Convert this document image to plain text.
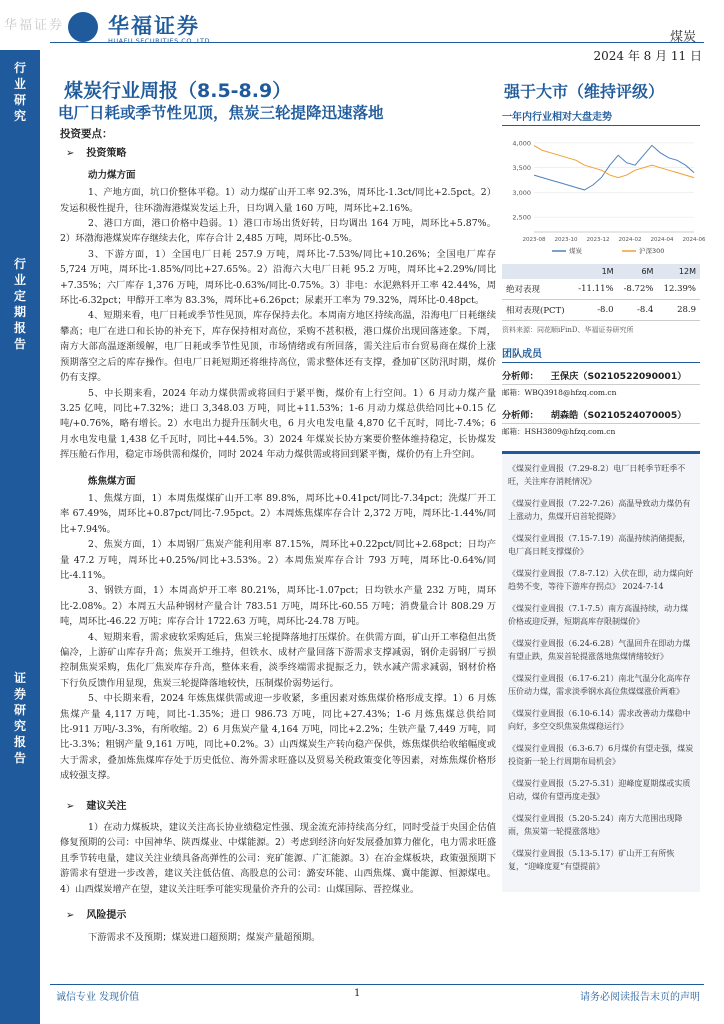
华福证券 华福证券
HUAFU SECURITIES CO.,LTD.	煤炭
2024 年 8 月 11 日
行业研究
行业定期报告
证券研究报告
煤炭行业周报（8.5-8.9）
电厂日耗或季节性见顶，焦炭三轮提降迅速落地
强于大市（维持评级）
投资要点：
➢ 投资策略
动力煤方面
1、产地方面，坑口价整体平稳。1）动力煤矿山开工率 92.3%，周环比-1.3ct/同比+2.5pct。2）发运积极性提升，往环渤海港煤炭发运上升，日均调入量 160 万吨，周环比+2.16%。
2、港口方面，港口价格中趋弱。1）港口市场出货好转，日均调出 164 万吨，周环比+5.87%。2）环渤海港煤炭库存继续去化，库存合计 2,485 万吨，周环比-0.5%。
3、下游方面，1）全国电厂日耗 257.9 万吨，周环比-7.53%/同比+10.26%；全国电厂库存 5,724 万吨，周环比-1.85%/同比+27.65%。2）沿海六大电厂日耗 95.2 万吨，周环比+2.29%/同比+7.35%；六厂库存 1,376 万吨，周环比-0.63%/同比-0.75%。3）非电：水泥熟料开工率 42.44%，周环比-6.32pct；甲醇开工率为 83.3%，周环比+6.26pct；尿素开工率为 79.32%，周环比-0.48pct。
4、短期来看，电厂日耗或季节性见顶，库存保持去化。本周南方地区持续高温，沿海电厂日耗继续攀高；电厂在进口和长协的补充下，库存保持相对高位，采购不甚积极，港口煤价出现回落迹象。下周，南方大部高温逐渐缓解，电厂日耗或季节性见顶，市场情绪或有所回落，需关注后市台贸易商在煤价上涨预期落空之后的库存操作。但电厂日耗短期还将维持高位，需求整体还有支撑，叠加矿区防汛时期，煤价仍有支撑。
5、中长期来看，2024 年动力煤供需或将回归于紧平衡，煤价有上行空间。1）6 月动力煤产量 3.25 亿吨，同比+7.32%；进口 3,348.03 万吨，同比+11.53%；1-6 月动力煤总供给同比+0.15 亿吨/+0.76%，略有增长。2）水电出力提升压制火电，6 月火电发电量 4,870 亿千瓦时，同比-7.4%；6 月水电发电量 1,438 亿千瓦时，同比+44.5%。3）2024 年煤炭长协方案要价整体维持稳定，长协煤发挥压舱石作用，稳定市场供需和煤价，同时 2024 年动力煤供需或将回到紧平衡，煤价仍有上升空间。
炼焦煤方面
1、焦煤方面，1）本周焦煤煤矿山开工率 89.8%，周环比+0.41pct/同比-7.34pct；洗煤厂开工率 67.49%，周环比+0.87pct/同比-7.95pct。2）本周炼焦煤库存合计 2,372 万吨，周环比-1.44%/同比+7.94%。
2、焦炭方面，1）本周钢厂焦炭产能利用率 87.15%，周环比+0.22pct/同比+2.68pct；日均产量 47.2 万吨，周环比+0.25%/同比+3.53%。2）本周焦炭库存合计 793 万吨，周环比-0.64%/同比-4.11%。
3、钢铁方面，1）本周高炉开工率 80.21%，周环比-1.07pct；日均铁水产量 232 万吨，周环比-2.08%。2）本周五大品种钢材产量合计 783.51 万吨，周环比-60.55 万吨；消费量合计 808.29 万吨，周环比-46.22 万吨；库存合计 1722.63 万吨，周环比-24.78 万吨。
4、短期来看，需求疲软采购延后，焦炭三轮提降落地打压煤价。在供需方面，矿山开工率稳但出货偏冷，上游矿山库存升高；焦炭开工维持，但铁水、成材产量回落下游需求支撑减弱，钢价走弱钢厂亏损控制焦炭采购，焦化厂焦炭库存升高，整体来看，淡季终端需求提振乏力，铁水减产需求减弱，钢材价格下行负反馈作用显现，焦炭三轮提降落地较快，压制煤价弱势运行。
5、中长期来看，2024 年炼焦煤供需或迎一步收紧，多重因素对炼焦煤价格形成支撑。1）6 月炼焦煤产量 4,117 万吨，同比-1.35%；进口 986.73 万吨，同比+27.43%；1-6 月炼焦煤总供给同比-911 万吨/-3.3%，有所收缩。2）6 月焦炭产量 4,164 万吨，同比+2.2%；生铁产量 7,449 万吨，同比-3.3%；粗钢产量 9,161 万吨，同比+0.2%。3）山西煤炭生产转向稳产保供，炼焦煤供给收缩幅度或大于需求，叠加炼焦煤库存处于历史低位、海外需求旺盛以及贸易关税政策变化等因素，对炼焦煤价格形成较强支撑。
➢ 建议关注
1）在动力煤板块，建议关注高长协业绩稳定性强、现金流充沛持续高分红，同时受益于央国企估值修复预期的公司：中国神华、陕西煤业、中煤能源。2）考虑到经济向好发展叠加算力催化，电力需求旺盛且季节转电量，建议关注业绩具备高弹性的公司：兖矿能源、广汇能源。3）在冶金煤板块，政策强预期下游需求有望进一步改善，建议关注低估值、高股息的公司：潞安环能、山西焦煤、冀中能源、恒源煤电。4）山西煤炭增产在望，建议关注旺季可能实现量价齐升的公司：山煤国际、晋控煤业。
➢ 风险提示
下游需求不及预期；煤炭进口超预期；煤炭产量超预期。
一年内行业相对大盘走势
2,500
3,000
3,500
4,000
2023-08 2023-10 2023-12 2024-02 2024-04 2024-06
煤炭	沪深300
	1M	6M	12M
绝对表现	-11.11%	-8.72%	12.39%
相对表现(PCT)	-8.0	-8.4	28.9
资料来源：同花顺iFinD、华福证券研究所
团队成员
分析师： 王保庆（S0210522090001）
邮箱：WBQ3918@hfzq.com.cn
分析师： 胡森皓（S0210524070005）
邮箱：HSH3809@hfzq.com.cn
《煤炭行业周报（7.29-8.2）电厂日耗季节旺季不旺，关注库存消耗情况》
《煤炭行业周报（7.22-7.26）高温导致动力煤仍有上涨动力，焦煤开启首轮提降》
《煤炭行业周报（7.15-7.19）高温持续消储提振，电厂高日耗支撑煤价》
《煤炭行业周报（7.8-7.12）入伏在即，动力煤向好趋势不变，等待下游库存拐点》 2024-7-14
《煤炭行业周报（7.1-7.5）南方高温持续，动力煤价格或迎反弹，短期高库存限制煤价》
《煤炭行业周报（6.24-6.28）气温回升在即动力煤有望止跌，焦炭首轮提涨落地焦煤情绪较好》
《煤炭行业周报（6.17-6.21）南北气温分化高库存压价动力煤，需求淡季钢水高位焦煤煤涨价两难》
《煤炭行业周报（6.10-6.14）需求改善动力煤稳中向好，多空交织焦炭焦煤稳运行》
《煤炭行业周报（6.3-6.7）6月煤价有望走强，煤炭投资新一轮上行周期布局机会》
《煤炭行业周报（5.27-5.31）迎峰度夏期煤或实质启动，煤价有望再度走强》
《煤炭行业周报（5.20-5.24）南方大范围出现降雨，焦炭第一轮提涨落地》
《煤炭行业周报（5.13-5.17）矿山开工有所恢复，“迎峰度夏”有望提前》
诚信专业 发现价值	1	请务必阅读报告末页的声明
